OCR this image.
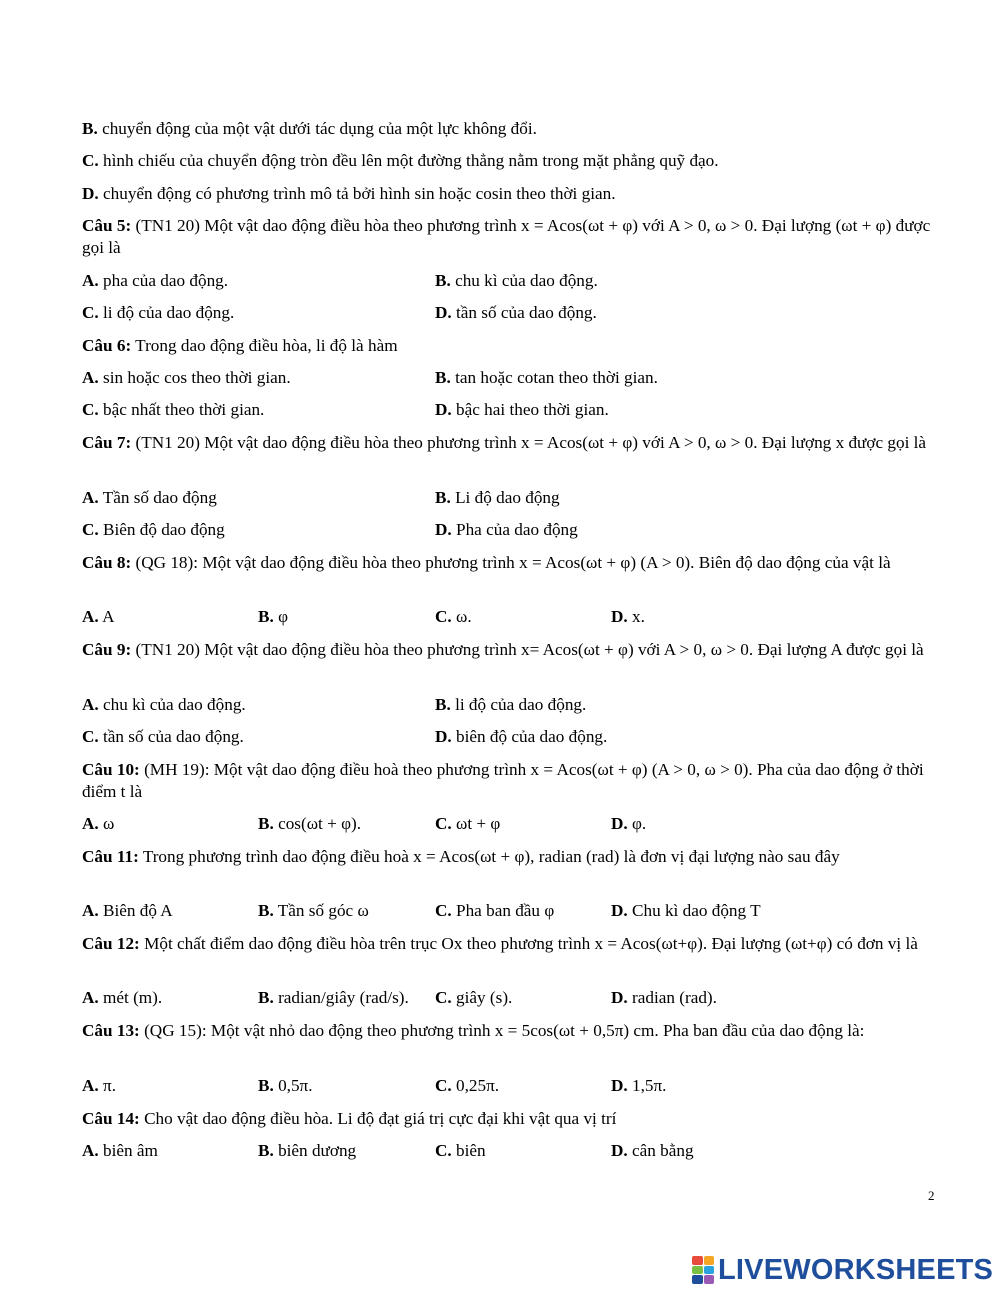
B. chuyển động của một vật dưới tác dụng của một lực không đổi.
C. hình chiếu của chuyển động tròn đều lên một đường thẳng nằm trong mặt phẳng quỹ đạo.
D. chuyển động có phương trình mô tả bởi hình sin hoặc cosin theo thời gian.
Câu 5: (TN1 20) Một vật dao động điều hòa theo phương trình x = Acos(ωt + φ) với A > 0, ω > 0. Đại lượng (ωt + φ) được gọi là
A. pha của dao động.	B. chu kì của dao động.
C. li độ của dao động.	D. tần số của dao động.
Câu 6: Trong dao động điều hòa, li độ là hàm
A. sin hoặc cos theo thời gian.	B. tan hoặc cotan theo thời gian.
C. bậc nhất theo thời gian.	D. bậc hai theo thời gian.
Câu 7: (TN1 20) Một vật dao động điều hòa theo phương trình x = Acos(ωt + φ) với A > 0, ω > 0. Đại lượng x được gọi là
A. Tần số dao động	B. Li độ dao động
C. Biên độ dao động	D. Pha của dao động
Câu 8: (QG 18): Một vật dao động điều hòa theo phương trình x = Acos(ωt + φ) (A > 0). Biên độ dao động của vật là
A. A	B. φ	C. ω.	D. x.
Câu 9: (TN1 20) Một vật dao động điều hòa theo phương trình x= Acos(ωt + φ) với A > 0, ω > 0. Đại lượng A được gọi là
A. chu kì của dao động.	B. li độ của dao động.
C. tần số của dao động.	D. biên độ của dao động.
Câu 10: (MH 19): Một vật dao động điều hoà theo phương trình x = Acos(ωt + φ) (A > 0, ω > 0). Pha của dao động ở thời điểm t là
A. ω	B. cos(ωt + φ).	C. ωt + φ	D. φ.
Câu 11: Trong phương trình dao động điều hoà x = Acos(ωt + φ), radian (rad) là đơn vị đại lượng nào sau đây
A. Biên độ A	B. Tần số góc ω	C. Pha ban đầu φ	D. Chu kì dao động T
Câu 12: Một chất điểm dao động điều hòa trên trục Ox theo phương trình x = Acos(ωt+φ). Đại lượng (ωt+φ) có đơn vị là
A. mét (m).	B. radian/giây (rad/s). C. giây (s).	D. radian (rad).
Câu 13: (QG 15): Một vật nhỏ dao động theo phương trình x = 5cos(ωt + 0,5π) cm. Pha ban đầu của dao động là:
A. π.	B. 0,5π.	C. 0,25π.	D. 1,5π.
Câu 14: Cho vật dao động điều hòa. Li độ đạt giá trị cực đại khi vật qua vị trí
A. biên âm	B. biên dương	C. biên	D. cân bằng
2
LIVEWORKSHEETS
